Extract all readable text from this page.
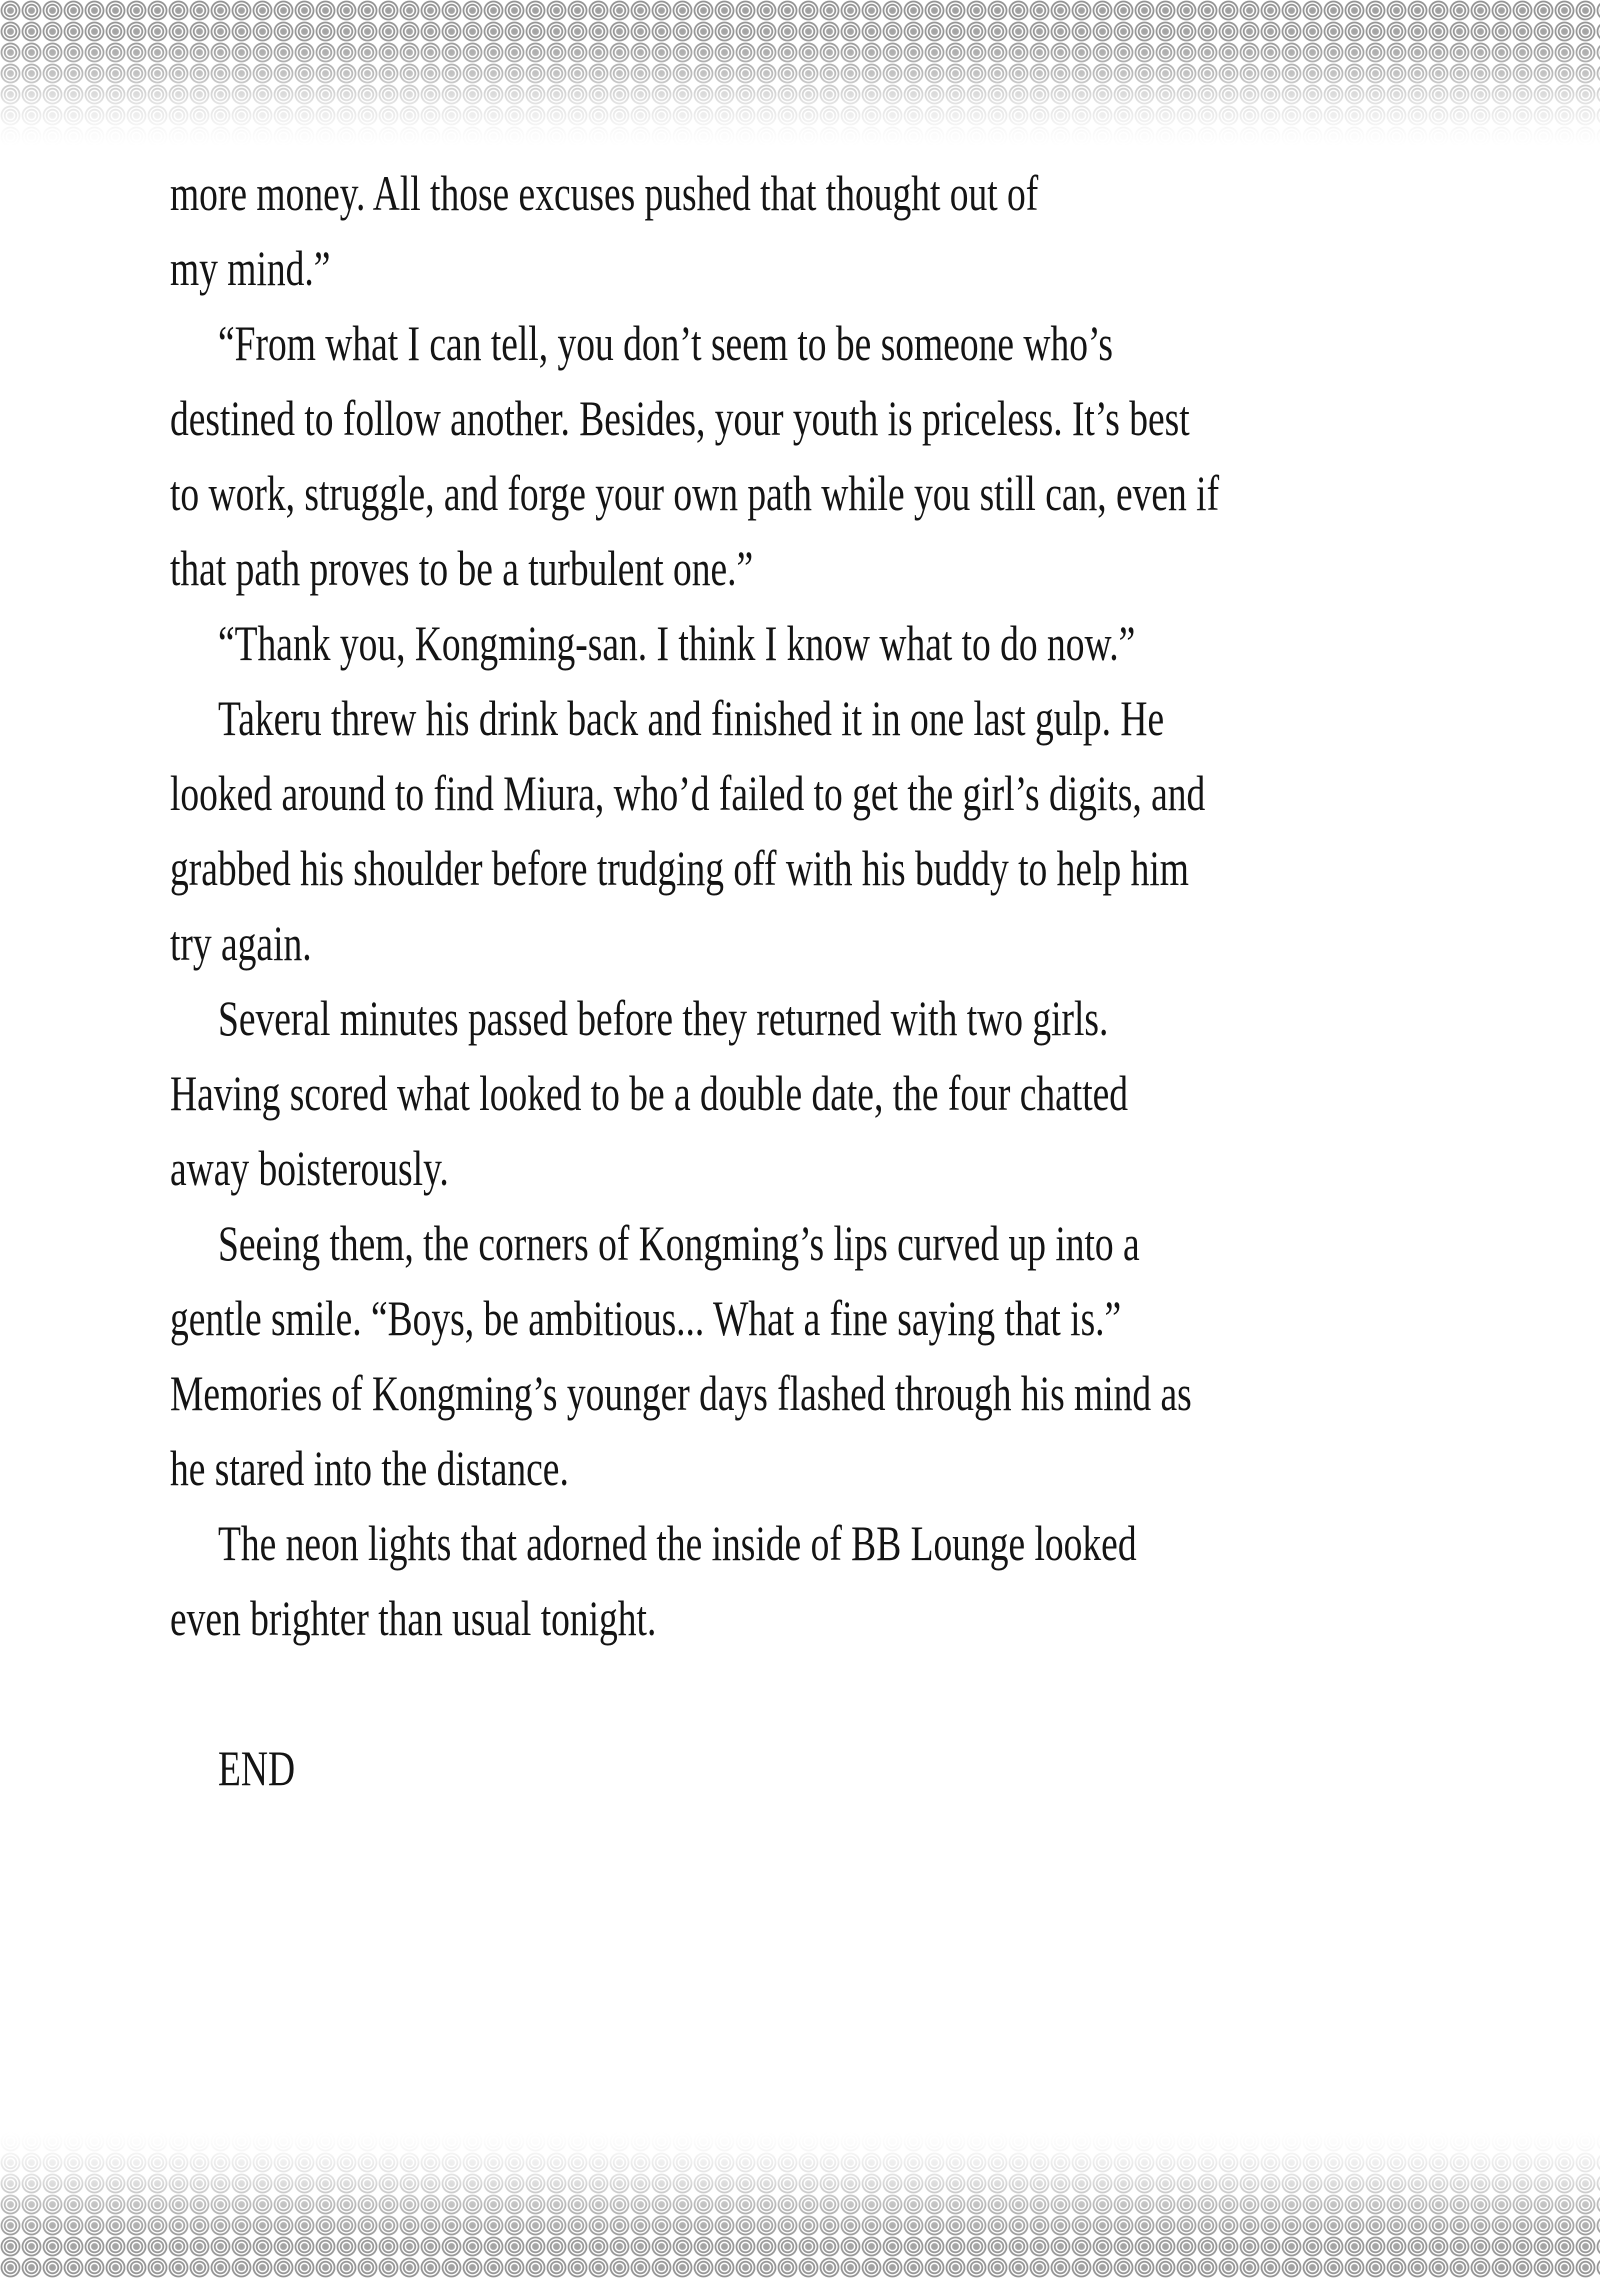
more money. All those excuses pushed that thought out of
my mind.”
“From what I can tell, you don’t seem to be someone who’s
destined to follow another. Besides, your youth is priceless. It’s best
to work, struggle, and forge your own path while you still can, even if
that path proves to be a turbulent one.”
“Thank you, Kongming-san. I think I know what to do now.”
Takeru threw his drink back and finished it in one last gulp. He
looked around to find Miura, who’d failed to get the girl’s digits, and
grabbed his shoulder before trudging off with his buddy to help him
try again.
Several minutes passed before they returned with two girls.
Having scored what looked to be a double date, the four chatted
away boisterously.
Seeing them, the corners of Kongming’s lips curved up into a
gentle smile. “Boys, be ambitious... What a fine saying that is.”
Memories of Kongming’s younger days flashed through his mind as
he stared into the distance.
The neon lights that adorned the inside of BB Lounge looked
even brighter than usual tonight.
END
